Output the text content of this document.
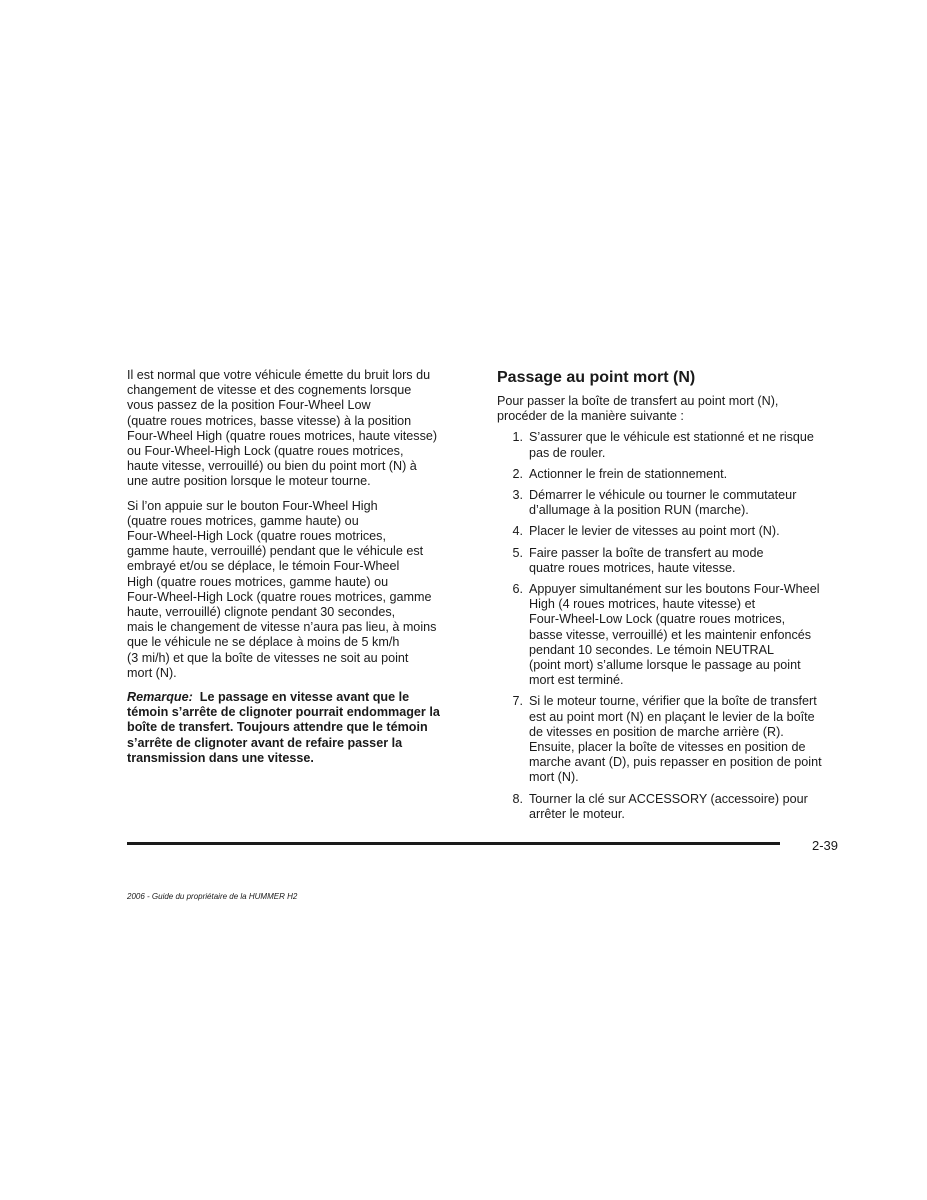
Il est normal que votre véhicule émette du bruit lors du
changement de vitesse et des cognements lorsque
vous passez de la position Four-Wheel Low
(quatre roues motrices, basse vitesse) à la position
Four-Wheel High (quatre roues motrices, haute vitesse)
ou Four-Wheel-High Lock (quatre roues motrices,
haute vitesse, verrouillé) ou bien du point mort (N) à
une autre position lorsque le moteur tourne.

Si l’on appuie sur le bouton Four-Wheel High
(quatre roues motrices, gamme haute) ou
Four-Wheel-High Lock (quatre roues motrices,
gamme haute, verrouillé) pendant que le véhicule est
embrayé et/ou se déplace, le témoin Four-Wheel
High (quatre roues motrices, gamme haute) ou
Four-Wheel-High Lock (quatre roues motrices, gamme
haute, verrouillé) clignote pendant 30 secondes,
mais le changement de vitesse n’aura pas lieu, à moins
que le véhicule ne se déplace à moins de 5 km/h
(3 mi/h) et que la boîte de vitesses ne soit au point
mort (N).

Remarque: Le passage en vitesse avant que le
témoin s’arrête de clignoter pourrait endommager la
boîte de transfert. Toujours attendre que le témoin
s’arrête de clignoter avant de refaire passer la
transmission dans une vitesse.

Passage au point mort (N)

Pour passer la boîte de transfert au point mort (N),
procéder de la manière suivante :

1. S’assurer que le véhicule est stationné et ne risque
pas de rouler.
2. Actionner le frein de stationnement.
3. Démarrer le véhicule ou tourner le commutateur
d’allumage à la position RUN (marche).
4. Placer le levier de vitesses au point mort (N).
5. Faire passer la boîte de transfert au mode
quatre roues motrices, haute vitesse.
6. Appuyer simultanément sur les boutons Four-Wheel
High (4 roues motrices, haute vitesse) et
Four-Wheel-Low Lock (quatre roues motrices,
basse vitesse, verrouillé) et les maintenir enfoncés
pendant 10 secondes. Le témoin NEUTRAL
(point mort) s’allume lorsque le passage au point
mort est terminé.
7. Si le moteur tourne, vérifier que la boîte de transfert
est au point mort (N) en plaçant le levier de la boîte
de vitesses en position de marche arrière (R).
Ensuite, placer la boîte de vitesses en position de
marche avant (D), puis repasser en position de point
mort (N).
8. Tourner la clé sur ACCESSORY (accessoire) pour
arrêter le moteur.
2-39
2006 - Guide du propriétaire de la HUMMER H2
